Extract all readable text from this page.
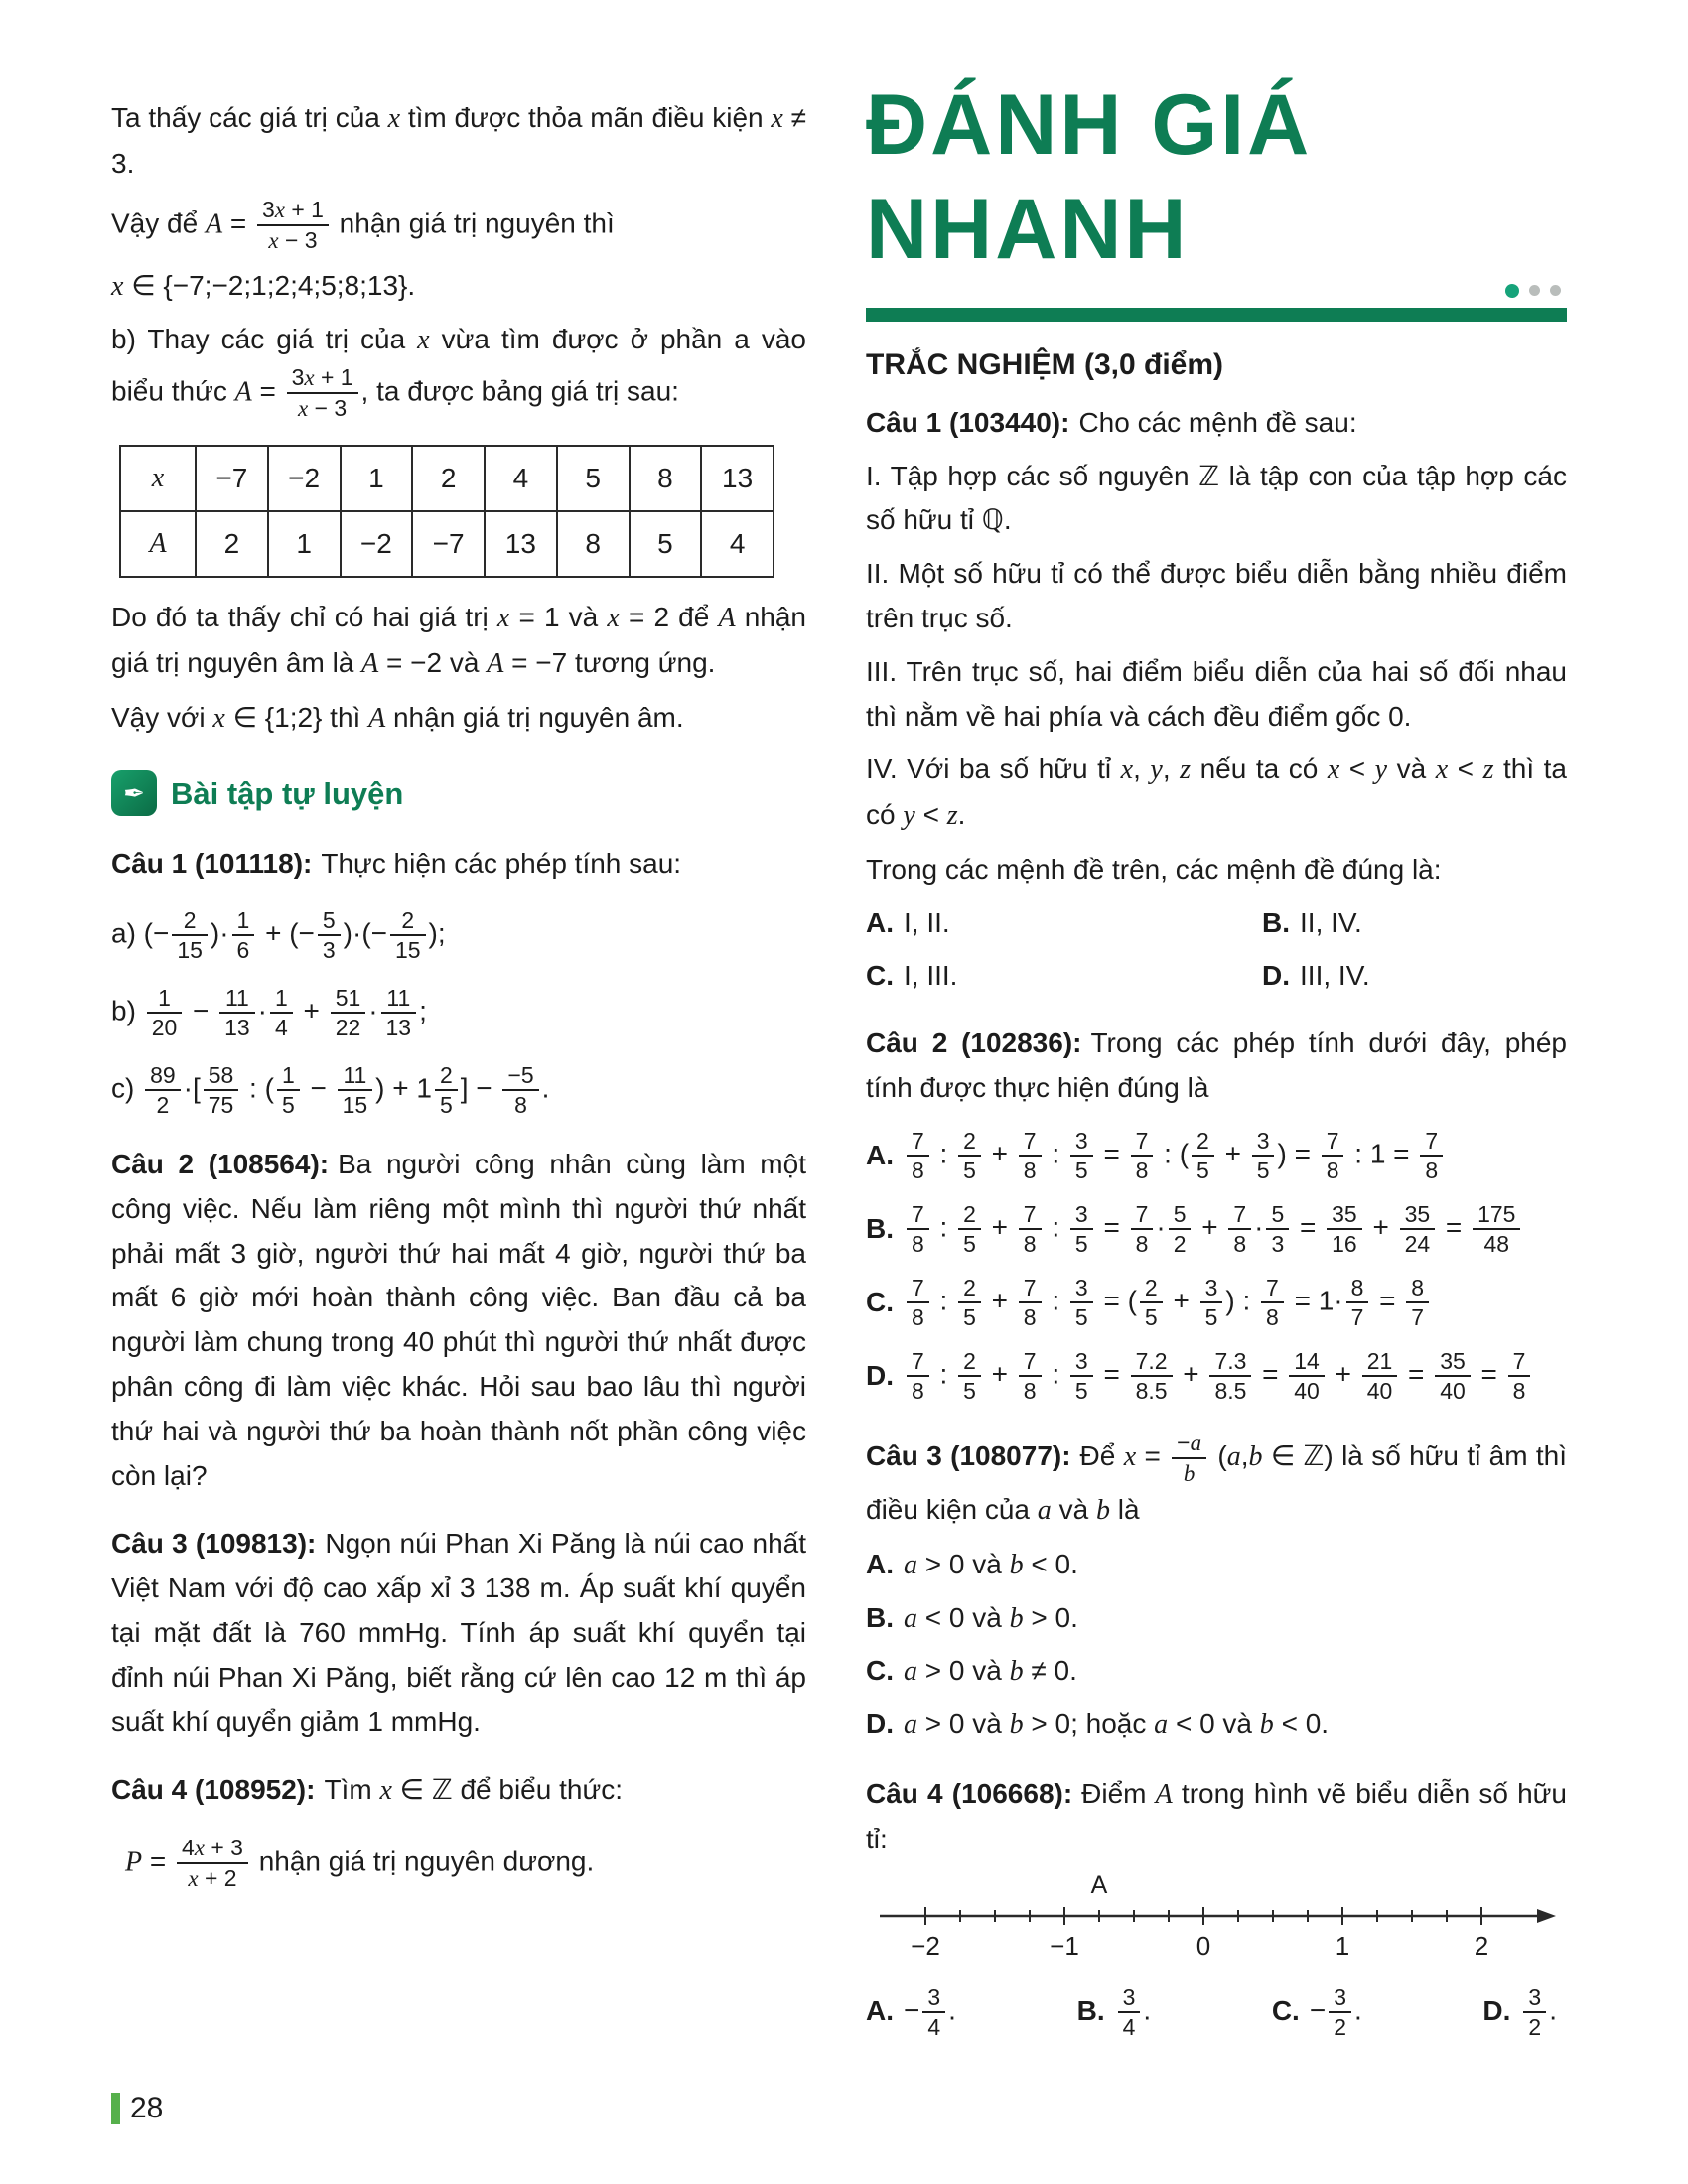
Ta thấy các giá trị của x tìm được thỏa mãn điều kiện x ≠ 3.

Vậy để $A = \frac{3x + 1}{x - 3}$ nhận giá trị nguyên thì

x ∈ {−7;−2;1;2;4;5;8;13}.

b) Thay các giá trị của x vừa tìm được ở phần a vào biểu thức $A = \frac{3x + 1}{x - 3}$ , ta được bảng giá trị sau:

x	−7	−2	1	2	4	5	8	13
A	2	1	−2	−7	13	8	5	4

Do đó ta thấy chỉ có hai giá trị x = 1 và x = 2 để A nhận giá trị nguyên âm là A = −2 và A = −7 tương ứng.

Vậy với x ∈ {1;2} thì A nhận giá trị nguyên âm.

✒ Bài tập tự luyện

Câu 1 (101118): Thực hiện các phép tính sau:

a) (− $\frac{2}{15}$ )· $\frac{1}{6}$ + (− $\frac{5}{3}$ )·(− $\frac{2}{15}$ );
$b) \frac{1}{20} - \frac{11}{13} \cdot \frac{1}{4} + \frac{51}{22} \cdot \frac{11}{13}$ ;
$c) \frac{89}{2}$ ·[ $\frac{58}{75}$ : ( $\frac{1}{5} - \frac{11}{15}$ ) + $1 \frac{2}{5}$ ] − $\frac{-5}{8}$ .

Câu 2 (108564): Ba người công nhân cùng làm một công việc. Nếu làm riêng một mình thì người thứ nhất phải mất 3 giờ, người thứ hai mất 4 giờ, người thứ ba mất 6 giờ mới hoàn thành công việc. Ban đầu cả ba người làm chung trong 40 phút thì người thứ nhất được phân công đi làm việc khác. Hỏi sau bao lâu thì người thứ hai và người thứ ba hoàn thành nốt phần công việc còn lại?

Câu 3 (109813): Ngọn núi Phan Xi Păng là núi cao nhất Việt Nam với độ cao xấp xỉ 3 138 m. Áp suất khí quyển tại mặt đất là 760 mmHg. Tính áp suất khí quyển tại đỉnh núi Phan Xi Păng, biết rằng cứ lên cao 12 m thì áp suất khí quyển giảm 1 mmHg.

Câu 4 (108952): Tìm x ∈ ℤ để biểu thức:

$P = \frac{4x + 3}{x + 2}$ nhận giá trị nguyên dương.
ĐÁNH GIÁ
NHANH
TRẮC NGHIỆM (3,0 điểm)

Câu 1 (103440): Cho các mệnh đề sau:

I. Tập hợp các số nguyên ℤ là tập con của tập hợp các số hữu tỉ ℚ.

II. Một số hữu tỉ có thể được biểu diễn bằng nhiều điểm trên trục số.

III. Trên trục số, hai điểm biểu diễn của hai số đối nhau thì nằm về hai phía và cách đều điểm gốc 0.

IV. Với ba số hữu tỉ x, y, z nếu ta có x < y và x < z thì ta có y < z.

Trong các mệnh đề trên, các mệnh đề đúng là:

A. I, II.	B. II, IV.
C. I, III.	D. III, IV.

Câu 2 (102836): Trong các phép tính dưới đây, phép tính được thực hiện đúng là

A. $\frac{7}{8}$ : $\frac{2}{5} + \frac{7}{8}$ : $\frac{3}{5} = \frac{7}{8}$ : ( $\frac{2}{5} + \frac{3}{5}$ ) = $\frac{7}{8}$ : $1 = \frac{7}{8}$
B. $\frac{7}{8}$ : $\frac{2}{5} + \frac{7}{8}$ : $\frac{3}{5} = \frac{7}{8} \cdot \frac{5}{2} + \frac{7}{8} \cdot \frac{5}{3} = \frac{35}{16} + \frac{35}{24} = \frac{175}{48}$
C. $\frac{7}{8}$ : $\frac{2}{5} + \frac{7}{8}$ : $\frac{3}{5}$ = ( $\frac{2}{5} + \frac{3}{5}$ ) : $\frac{7}{8} = 1\cdot \frac{8}{7} = \frac{8}{7}$
D. $\frac{7}{8}$ : $\frac{2}{5} + \frac{7}{8}$ : $\frac{3}{5} = \frac{7.2}{8.5} + \frac{7.3}{8.5} = \frac{14}{40} + \frac{21}{40} = \frac{35}{40} = \frac{7}{8}$

Câu 3 (108077): Để $x = \frac{-a}{b} (a,b$ ∈ ℤ) là số hữu tỉ âm thì điều kiện của a và b là

A. a > 0 và b < 0.
B. a < 0 và b > 0.
C. a > 0 và b ≠ 0.
D. a > 0 và b > 0; hoặc a < 0 và b < 0.

Câu 4 (106668): Điểm A trong hình vẽ biểu diễn số hữu tỉ:

A
−2	−1	0	1	2
A. − $\frac{3}{4}$ .	B. $\frac{3}{4}$ .	C. − $\frac{3}{2}$ .	D. $\frac{3}{2}$ .
28
